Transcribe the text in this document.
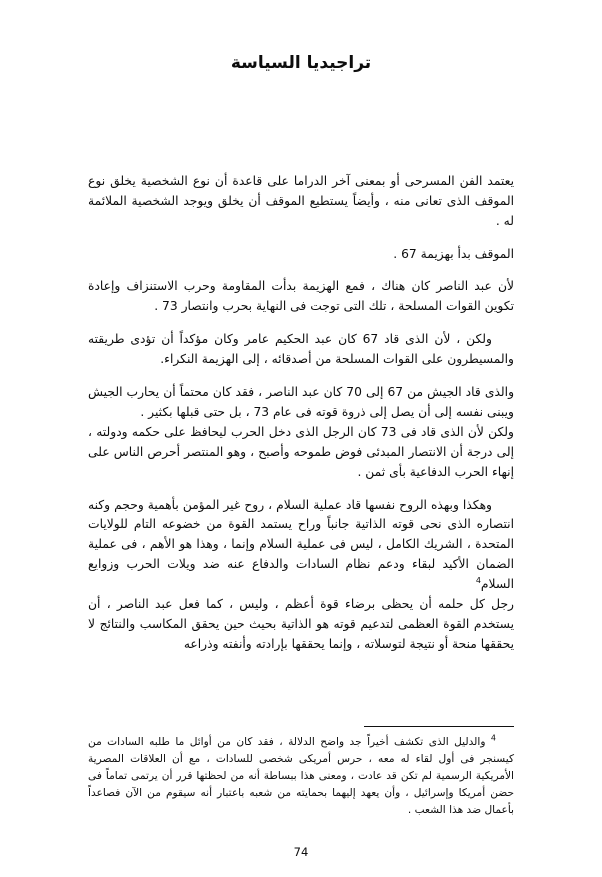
تراجيديا السياسة

يعتمد الفن المسرحى أو بمعنى آخر الدراما على قاعدة أن نوع الشخصية يخلق نوع الموقف الذى تعانى منه ، وأيضاً يستطيع الموقف أن يخلق ويوجد الشخصية الملائمة له .

الموقف بدأ بهزيمة 67 .

لأن عبد الناصر كان هناك ، فمع الهزيمة بدأت المقاومة وحرب الاستنزاف وإعادة تكوين القوات المسلحة ، تلك التى توجت فى النهاية بحرب وانتصار 73 .

ولكن ، لأن الذى قاد 67 كان عبد الحكيم عامر وكان مؤكداً أن تؤدى طريقته والمسيطرون على القوات المسلحة من أصدقائه ، إلى الهزيمة النكراء.

والذى قاد الجيش من 67 إلى 70 كان عبد الناصر ، فقد كان محتماً أن يحارب الجيش ويبنى نفسه إلى أن يصل إلى ذروة قوته فى عام 73 ، بل حتى قبلها بكثير .

ولكن لأن الذى قاد فى 73 كان الرجل الذى دخل الحرب ليحافظ على حكمه ودولته ، إلى درجة أن الانتصار المبدئى فوض طموحه وأصبح ، وهو المنتصر أحرص الناس على إنهاء الحرب الدفاعية بأى ثمن .

وهكذا وبهذه الروح نفسها قاد عملية السلام ، روح غير المؤمن بأهمية وحجم وكنه انتصاره الذى نحى قوته الذاتية جانباً وراح يستمد القوة من خضوعه التام للولايات المتحدة ، الشريك الكامل ، ليس فى عملية السلام وإنما ، وهذا هو الأهم ، فى عملية الضمان الأكيد لبقاء ودعم نظام السادات والدفاع عنه ضد ويلات الحرب وزوايع السلام$^4$

رجل كل حلمه أن يحظى برضاء قوة أعظم ، وليس ، كما فعل عبد الناصر ، أن يستخدم القوة العظمى لتدعيم قوته هو الذاتية بحيث حين يحقق المكاسب والنتائج لا يحققها منحة أو نتيجة لتوسلاته ، وإنما يحققها بإرادته وأنفته وذراعه

$^4$ والدليل الذى تكشف أخيراً جد واضح الدلالة ، فقد كان من أوائل ما طلبه السادات من كيسنجر فى أول لقاء له معه ، حرس أمريكى شخصى للسادات ، مع أن العلاقات المصرية الأمريكية الرسمية لم تكن قد عادت ، ومعنى هذا ببساطة أنه من لحظتها قرر أن يرتمى تماماً فى حضن أمريكا وإسرائيل ، وأن يعهد إليهما بحمايته من شعبه باعتبار أنه سيقوم من الآن فصاعداً بأعمال ضد هذا الشعب .

74
